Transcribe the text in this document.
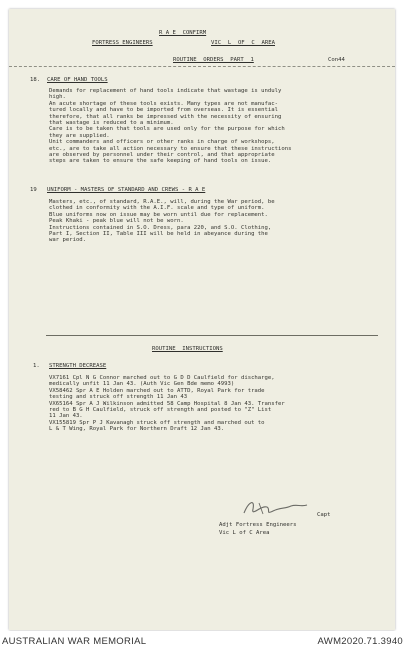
R A E  CONFIRM
FORTRESS ENGINEERS	VIC  L  OF  C  AREA
ROUTINE  ORDERS  PART  1	Con44
18. CARE OF HAND TOOLS
Demands for replacement of hand tools indicate that wastage is unduly
high.
An acute shortage of these tools exists. Many types are not manufac-
tured locally and have to be imported from overseas. It is essential
therefore, that all ranks be impressed with the necessity of ensuring
that wastage is reduced to a minimum.
Care is to be taken that tools are used only for the purpose for which
they are supplied.
Unit commanders and officers or other ranks in charge of workshops,
etc., are to take all action necessary to ensure that these instructions
are observed by personnel under their control, and that appropriate
steps are taken to ensure the safe keeping of hand tools on issue.
19 UNIFORM - MASTERS OF STANDARD AND CREWS - R A E
Masters, etc., of standard, R.A.E., will, during the War period, be
clothed in conformity with the A.I.F. scale and type of uniform.
Blue uniforms now on issue may be worn until due for replacement.
Peak Khaki - peak blue will not be worn.
Instructions contained in S.O. Dress, para 220, and S.O. Clothing,
Part I, Section II, Table III will be held in abeyance during the
war period.
ROUTINE  INSTRUCTIONS
1. STRENGTH DECREASE
VX7161 Cpl N G Connor marched out to G D D Caulfield for discharge,
medically unfit 11 Jan 43. (Auth Vic Gen Bde memo 4993)
VX58462 Spr A E Holden marched out to ATTD, Royal Park for trade
testing and struck off strength 11 Jan 43
VX65164 Spr A J Wilkinson admitted 58 Camp Hospital 8 Jan 43. Transfer
red to B G H Caulfield, struck off strength and posted to "Z" List
11 Jan 43.
VX155819 Spr P J Kavanagh struck off strength and marched out to
L & T Wing, Royal Park for Northern Draft 12 Jan 43.
Capt
Adjt Fortress Engineers
Vic L of C Area
AUSTRALIAN WAR MEMORIAL	AWM2020.71.3940
